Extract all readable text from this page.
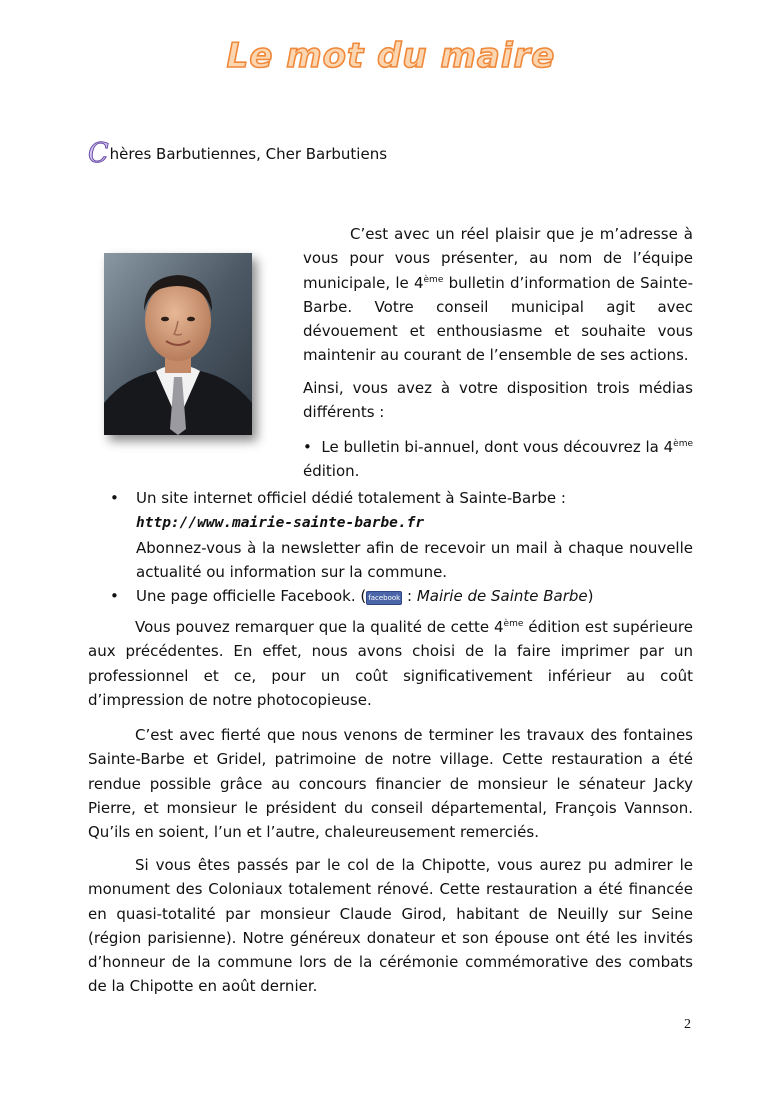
Le mot du maire
Chères Barbutiennes, Cher Barbutiens

C’est avec un réel plaisir que je m’adresse à vous pour vous présenter, au nom de l’équipe municipale, le 4ème bulletin d’information de Sainte-Barbe. Votre conseil municipal agit avec dévouement et enthousiasme et souhaite vous maintenir au courant de l’ensemble de ses actions.

Ainsi, vous avez à votre disposition trois médias différents :

•  Le bulletin bi-annuel, dont vous découvrez la 4ème édition.

• Un site internet officiel dédié totalement à Sainte-Barbe :
http://www.mairie-sainte-barbe.fr
Abonnez-vous à la newsletter afin de recevoir un mail à chaque nouvelle actualité ou information sur la commune.
• Une page officielle Facebook. ( facebook : Mairie de Sainte Barbe)

Vous pouvez remarquer que la qualité de cette 4ème édition est supérieure aux précédentes. En effet, nous avons choisi de la faire imprimer par un professionnel et ce, pour un coût significativement inférieur au coût d’impression de notre photocopieuse.

C’est avec fierté que nous venons de terminer les travaux des fontaines Sainte-Barbe et Gridel, patrimoine de notre village. Cette restauration a été rendue possible grâce au concours financier de monsieur le sénateur Jacky Pierre, et monsieur le président du conseil départemental, François Vannson. Qu’ils en soient, l’un et l’autre, chaleureusement remerciés.

Si vous êtes passés par le col de la Chipotte, vous aurez pu admirer le monument des Coloniaux totalement rénové. Cette restauration a été financée en quasi-totalité par monsieur Claude Girod, habitant de Neuilly sur Seine (région parisienne). Notre généreux donateur et son épouse ont été les invités d’honneur de la commune lors de la cérémonie commémorative des combats de la Chipotte en août dernier.

2
